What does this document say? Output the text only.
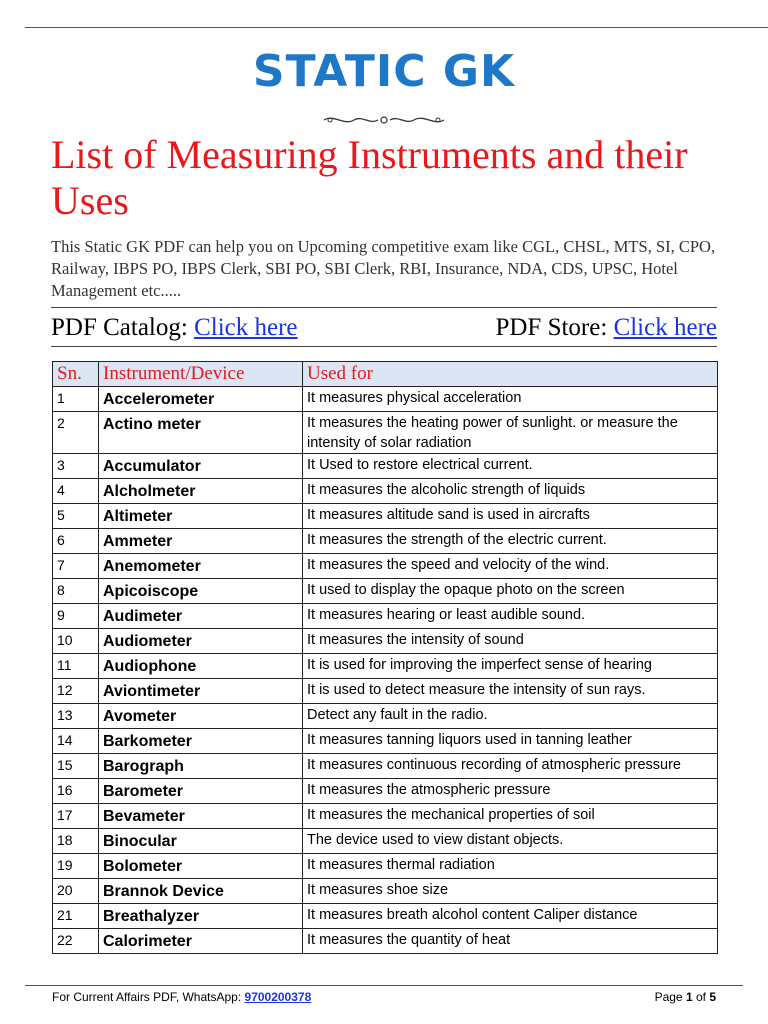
STATIC GK
List of Measuring Instruments and their Uses
This Static GK PDF can help you on Upcoming competitive exam like CGL, CHSL, MTS, SI, CPO, Railway, IBPS PO, IBPS Clerk, SBI PO, SBI Clerk, RBI, Insurance, NDA, CDS, UPSC, Hotel Management etc.....
PDF Catalog: Click here	PDF Store: Click here
Sn.	Instrument/Device	Used for
1	Accelerometer	It measures physical acceleration
2	Actino meter	It measures the heating power of sunlight. or measure the intensity of solar radiation
3	Accumulator	It Used to restore electrical current.
4	Alcholmeter	It measures the alcoholic strength of liquids
5	Altimeter	It measures altitude sand is used in aircrafts
6	Ammeter	It measures the strength of the electric current.
7	Anemometer	It measures the speed and velocity of the wind.
8	Apicoiscope	It used to display the opaque photo on the screen
9	Audimeter	It measures hearing or least audible sound.
10	Audiometer	It measures the intensity of sound
11	Audiophone	It is used for improving the imperfect sense of hearing
12	Aviontimeter	It is used to detect measure the intensity of sun rays.
13	Avometer	Detect any fault in the radio.
14	Barkometer	It measures tanning liquors used in tanning leather
15	Barograph	It measures continuous recording of atmospheric pressure
16	Barometer	It measures the atmospheric pressure
17	Bevameter	It measures the mechanical properties of soil
18	Binocular	The device used to view distant objects.
19	Bolometer	It measures thermal radiation
20	Brannok Device	It measures shoe size
21	Breathalyzer	It measures breath alcohol content Caliper distance
22	Calorimeter	It measures the quantity of heat
For Current Affairs PDF, WhatsApp: 9700200378	Page 1 of 5
